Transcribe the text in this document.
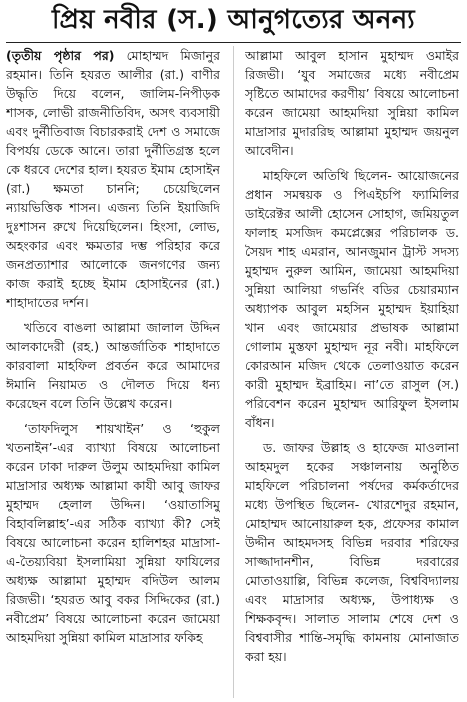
প্রিয় নবীর (স.) আনুগত্যের অনন্য

(তৃতীয় পৃষ্ঠার পর) মোহাম্মদ মিজানুর রহমান। তিনি হযরত আলীর (রা.) বাণীর উদ্ধৃতি দিয়ে বলেন, জালিম-নিপীড়ক শাসক, লোভী রাজনীতিবিদ, অসৎ ব্যবসায়ী এবং দুর্নীতিবাজ বিচারকরাই দেশ ও সমাজে বিপর্যয় ডেকে আনে। তারা দুর্নীতিগ্রস্ত হলে কে ধরবে দেশের হাল। হযরত ইমাম হোসাইন (রা.) ক্ষমতা চাননি; চেয়েছিলেন ন্যায়ভিত্তিক শাসন। এজন্য তিনি ইয়াজিদি দুঃশাসন রুখে দিয়েছিলেন। হিংসা, লোভ, অহংকার এবং ক্ষমতার দম্ভ পরিহার করে জনপ্রত্যাশার আলোকে জনগণের জন্য কাজ করাই হচ্ছে ইমাম হোসাইনের (রা.) শাহাদাতের দর্শন।

খতিবে বাঙলা আল্লামা জালাল উদ্দিন আলকাদেরী (রহ.) আন্তর্জাতিক শাহাদাতে কারবালা মাহফিল প্রবর্তন করে আমাদের ঈমানি নিয়ামত ও দৌলত দিয়ে ধন্য করেছেন বলে তিনি উল্লেখ করেন।

‘তাফদিলুস শায়খাইন’ ও ‘হুকুল খতনাইন’-এর ব্যাখ্যা বিষয়ে আলোচনা করেন ঢাকা দারুল উলুম আহমদিয়া কামিল মাদ্রাসার অধ্যক্ষ আল্লামা কাযী আবু জাফর মুহাম্মদ হেলাল উদ্দিন। ‘ওয়াতাসিমু বিহাবলিল্লাহ’-এর সঠিক ব্যাখ্যা কী? সেই বিষয়ে আলোচনা করেন হালিশহর মাদ্রাসা-এ-তৈয়্যবিয়া ইসলামিয়া সুন্নিয়া ফাযিলের অধ্যক্ষ আল্লামা মুহাম্মদ বদিউল আলম রিজভী। ‘হযরত আবু বকর সিদ্দিকের (রা.) নবীপ্রেম’ বিষয়ে আলোচনা করেন জামেয়া আহমদিয়া সুন্নিয়া কামিল মাদ্রাসার ফকিহ

আল্লামা আবুল হাসান মুহাম্মদ ওমাইর রিজভী। ‘যুব সমাজের মধ্যে নবীপ্রেম সৃষ্টিতে আমাদের করণীয়’ বিষয়ে আলোচনা করেন জামেয়া আহমদিয়া সুন্নিয়া কামিল মাদ্রাসার মুদাররিছ আল্লামা মুহাম্মদ জয়নুল আবেদীন।

মাহফিলে অতিথি ছিলেন- আয়োজনের প্রধান সমন্বয়ক ও পিএইচপি ফ্যামিলির ডাইরেক্টর আলী হোসেন সোহাগ, জমিয়তুল ফালাহ মসজিদ কমপ্লেক্সের পরিচালক ড. সৈয়দ শাহ এমরান, আনজুমান ট্রাস্ট সদস্য মুহাম্মদ নুরুল আমিন, জামেয়া আহমদিয়া সুন্নিয়া আলিয়া গভর্নিং বডির চেয়ারম্যান অধ্যাপক আবুল মহসিন মুহাম্মদ ইয়াহিয়া খান এবং জামেয়ার প্রভাষক আল্লামা গোলাম মুস্তফা মুহাম্মদ নূর নবী। মাহফিলে কোরআন মজিদ থেকে তেলাওয়াত করেন কারী মুহাম্মদ ইব্রাহিম। না’তে রাসুল (স.) পরিবেশন করেন মুহাম্মদ আরিফুল ইসলাম বাঁধন।

ড. জাফর উল্লাহ ও হাফেজ মাওলানা আহমদুল হকের সঞ্চালনায় অনুষ্ঠিত মাহফিলে পরিচালনা পর্ষদের কর্মকর্তাদের মধ্যে উপস্থিত ছিলেন- খোরশেদুর রহমান, মোহাম্মদ আনোয়ারুল হক, প্রফেসর কামাল উদ্দীন আহমদসহ বিভিন্ন দরবার শরিফের সাজ্জাদানশীন, বিভিন্ন দরবারের মোতাওয়াল্লি, বিভিন্ন কলেজ, বিশ্ববিদ্যালয় এবং মাদ্রাসার অধ্যক্ষ, উপাধ্যক্ষ ও শিক্ষকবৃন্দ। সালাত সালাম শেষে দেশ ও বিশ্ববাসীর শান্তি-সমৃদ্ধি কামনায় মোনাজাত করা হয়।
